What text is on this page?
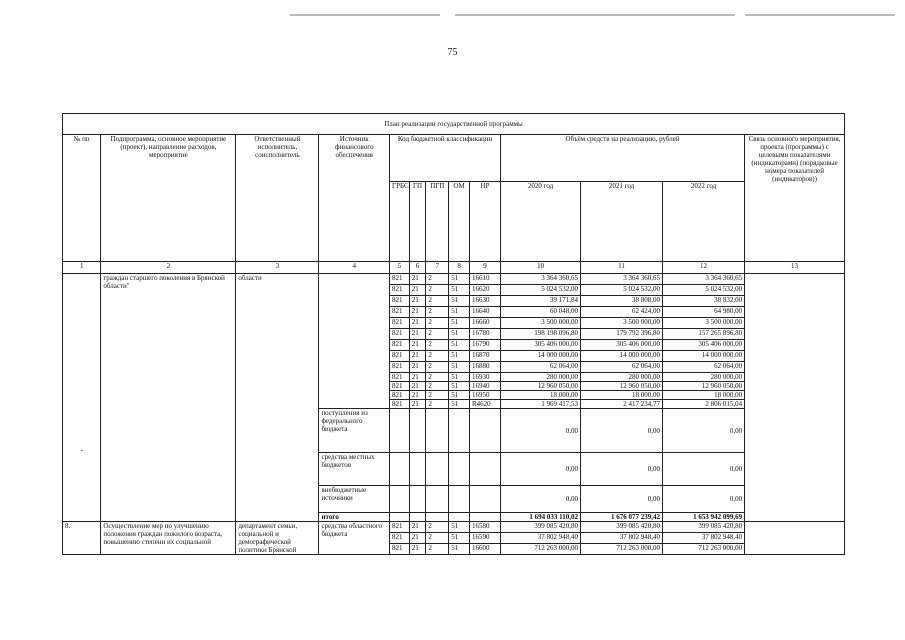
75
План реализации государственной программы												
№ пп	Подпрограмма, основное мероприятие (проект), направление расходов, мероприятие	Ответственный исполнитель, соисполнитель	Источник финансового обеспечения	Код бюджетной классификации					Объём средств на реализацию, рублей			Связь основного мероприятия, проекта (программы) с целевыми показателями (индикаторами) (порядковые номера показателей (индикаторов))
				ГРБС	ГП	ПГП	ОМ	НР	2020 год	2021 год	2022 год	
1	2	3	4	5	6	7	8	9	10	11	12	13

-	граждан старшего поколения в Брянской области"	области		821	21	2	51	16610	3 364 360,65	3 364 360,65	3 364 360,65	
				821	21	2	51	16620	5 024 532,00	5 024 532,00	5 024 532,00	
				821	21	2	51	16630	39 171,84	38 808,00	38 832,00	
				821	21	2	51	16640	60 048,00	62 424,00	64 980,00	
				821	21	2	51	16660	3 500 000,00	3 500 000,00	3 500 000,00	
				821	21	2	51	16780	198 198 096,80	179 792 396,80	157 265 896,80	
				821	21	2	51	16790	305 406 000,00	305 406 000,00	305 406 000,00	
				821	21	2	51	16870	14 000 000,00	14 000 000,00	14 000 000,00	
				821	21	2	51	16880	62 064,00	62 064,00	62 064,00	
				821	21	2	51	16930	280 000,00	280 000,00	280 000,00	
				821	21	2	51	16940	12 960 050,00	12 960 050,00	12 960 050,00	
				821	21	2	51	16950	18 000,00	18 000,00	18 000,00	
				821	21	2	51	R4620	1 969 417,53	2 417 234,77	2 806 015,04	
			поступления из федерального бюджета						0,00	0,00	0,00	
			средства местных бюджетов						0,00	0,00	0,00	
			внебюджетные источники						0,00	0,00	0,00	
			итого						1 694 033 110,02	1 676 077 239,42	1 653 942 099,69	
8.	Осуществление мер по улучшению положения граждан пожилого возраста, повышению степени их социальной	департамент семьи, социальной и демографической политики Брянской	средства областного бюджета	821	21	2	51	16580	399 085 420,80	399 085 420,80	399 085 420,80	
				821	21	2	51	16590	37 802 948,40	37 802 948,40	37 802 948,40	
				821	21	2	51	16600	712 263 000,00	712 263 000,00	712 263 000,00	
